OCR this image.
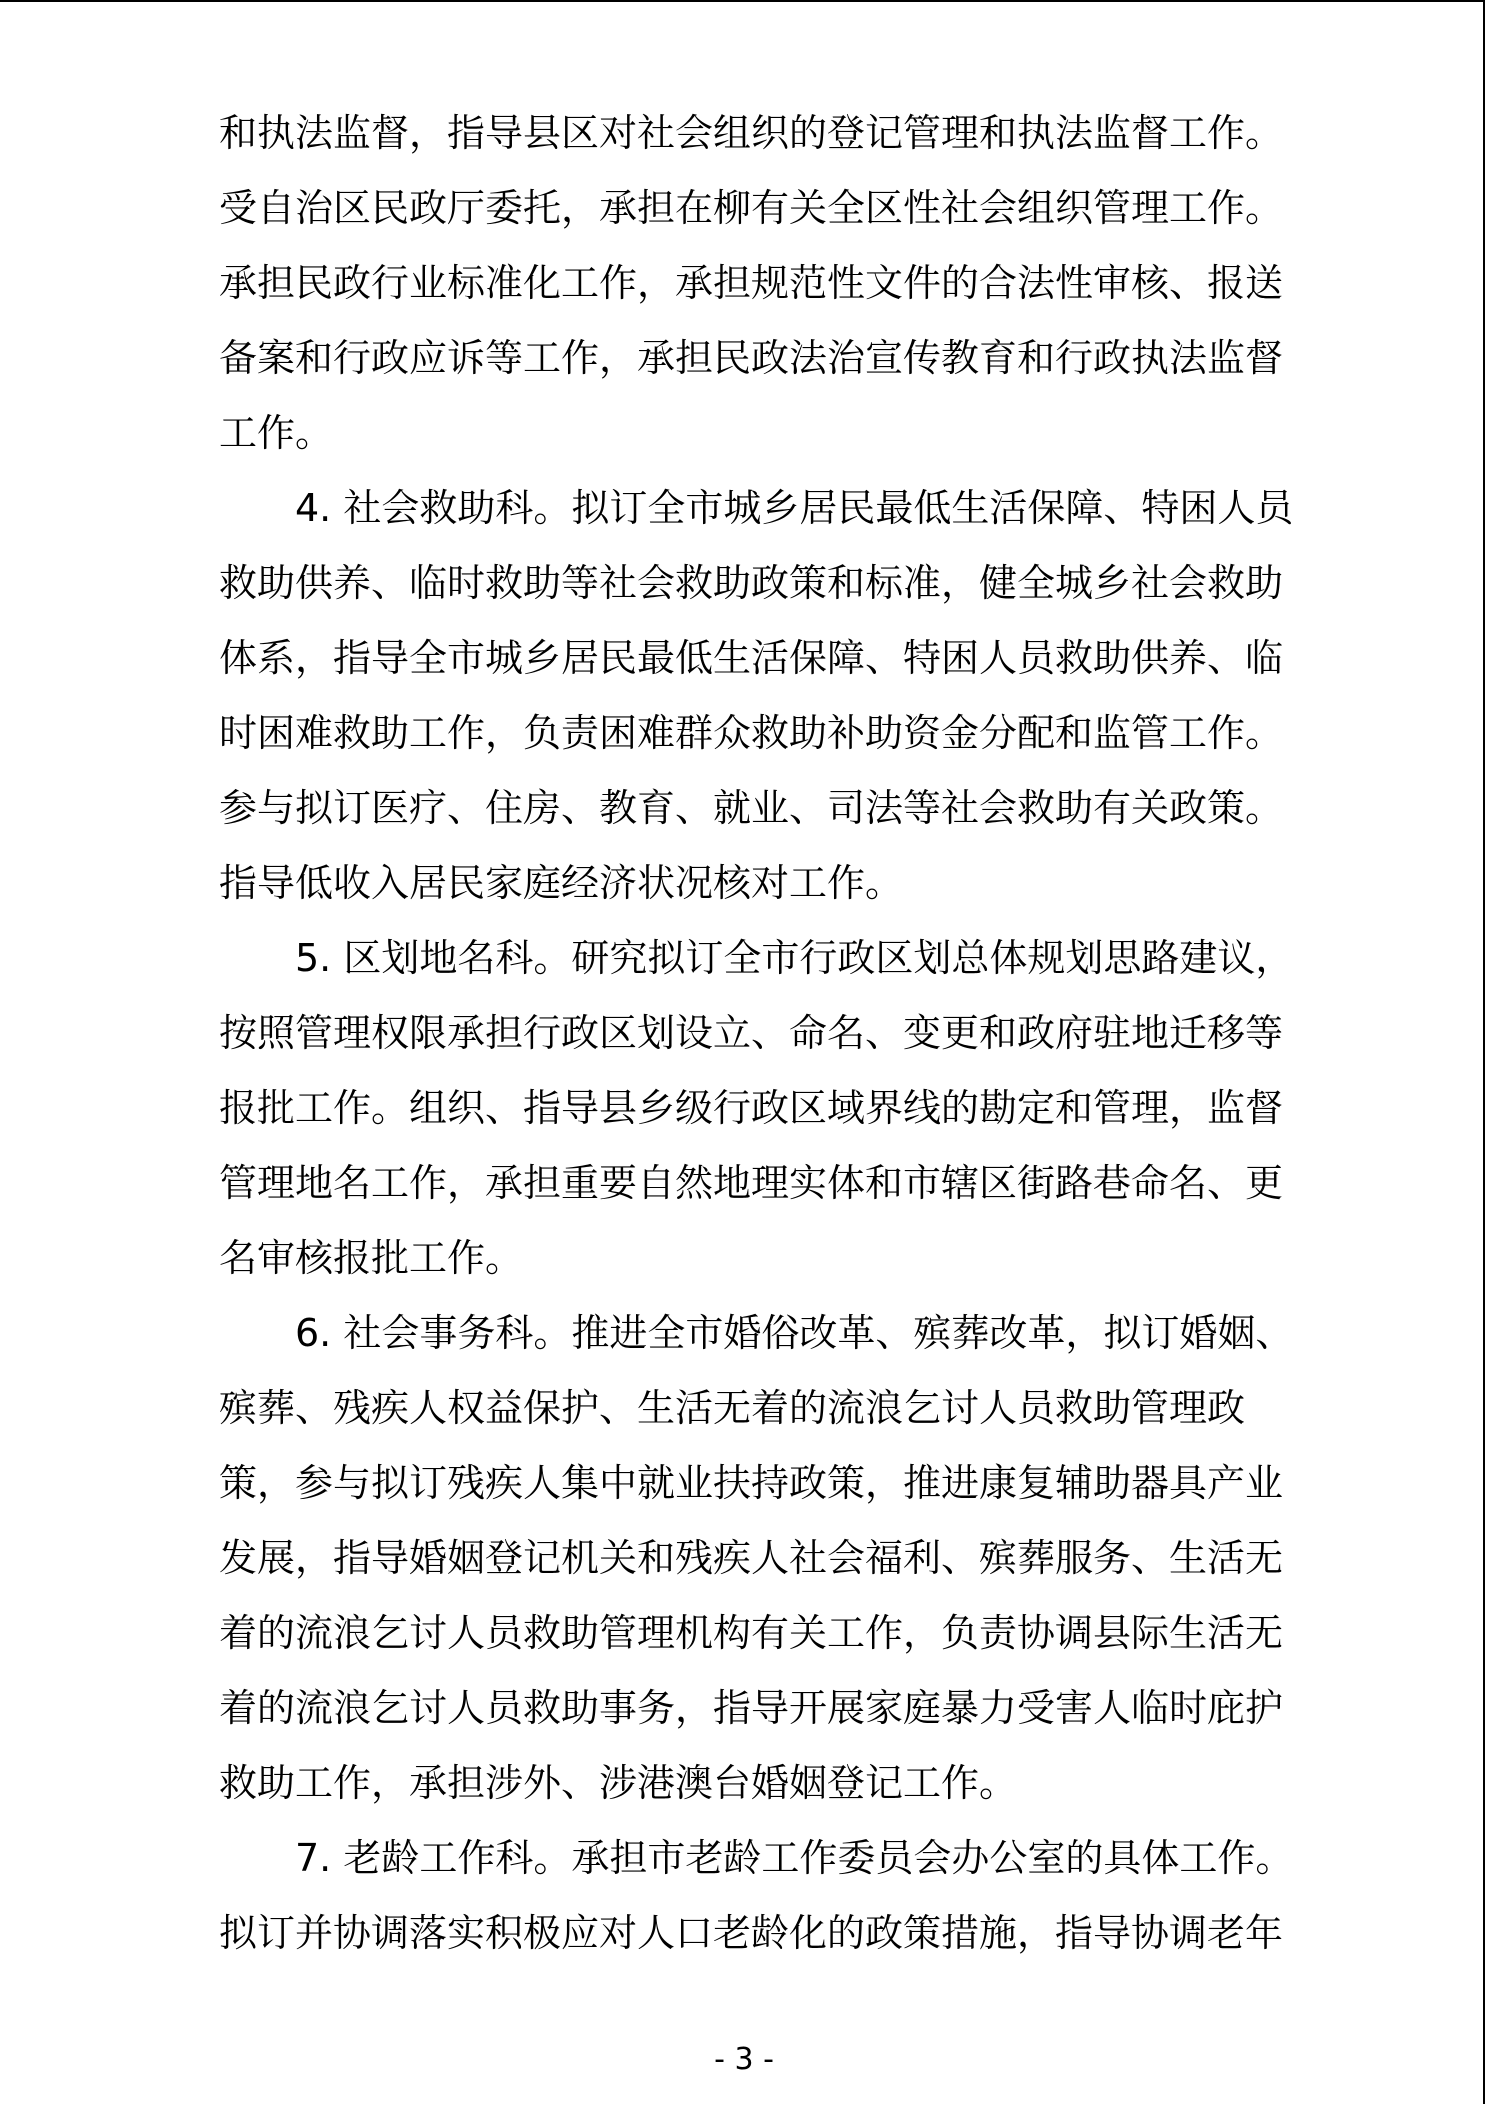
和执法监督，指导县区对社会组织的登记管理和执法监督工作。
受自治区民政厅委托，承担在柳有关全区性社会组织管理工作。
承担民政行业标准化工作，承担规范性文件的合法性审核、报送
备案和行政应诉等工作，承担民政法治宣传教育和行政执法监督
工作。
4. 社会救助科。拟订全市城乡居民最低生活保障、特困人员
救助供养、临时救助等社会救助政策和标准，健全城乡社会救助
体系，指导全市城乡居民最低生活保障、特困人员救助供养、临
时困难救助工作，负责困难群众救助补助资金分配和监管工作。
参与拟订医疗、住房、教育、就业、司法等社会救助有关政策。
指导低收入居民家庭经济状况核对工作。
5. 区划地名科。研究拟订全市行政区划总体规划思路建议，
按照管理权限承担行政区划设立、命名、变更和政府驻地迁移等
报批工作。组织、指导县乡级行政区域界线的勘定和管理，监督
管理地名工作，承担重要自然地理实体和市辖区街路巷命名、更
名审核报批工作。
6. 社会事务科。推进全市婚俗改革、殡葬改革，拟订婚姻、
殡葬、残疾人权益保护、生活无着的流浪乞讨人员救助管理政
策，参与拟订残疾人集中就业扶持政策，推进康复辅助器具产业
发展，指导婚姻登记机关和残疾人社会福利、殡葬服务、生活无
着的流浪乞讨人员救助管理机构有关工作，负责协调县际生活无
着的流浪乞讨人员救助事务，指导开展家庭暴力受害人临时庇护
救助工作，承担涉外、涉港澳台婚姻登记工作。
7. 老龄工作科。承担市老龄工作委员会办公室的具体工作。
拟订并协调落实积极应对人口老龄化的政策措施，指导协调老年
- 3 -
